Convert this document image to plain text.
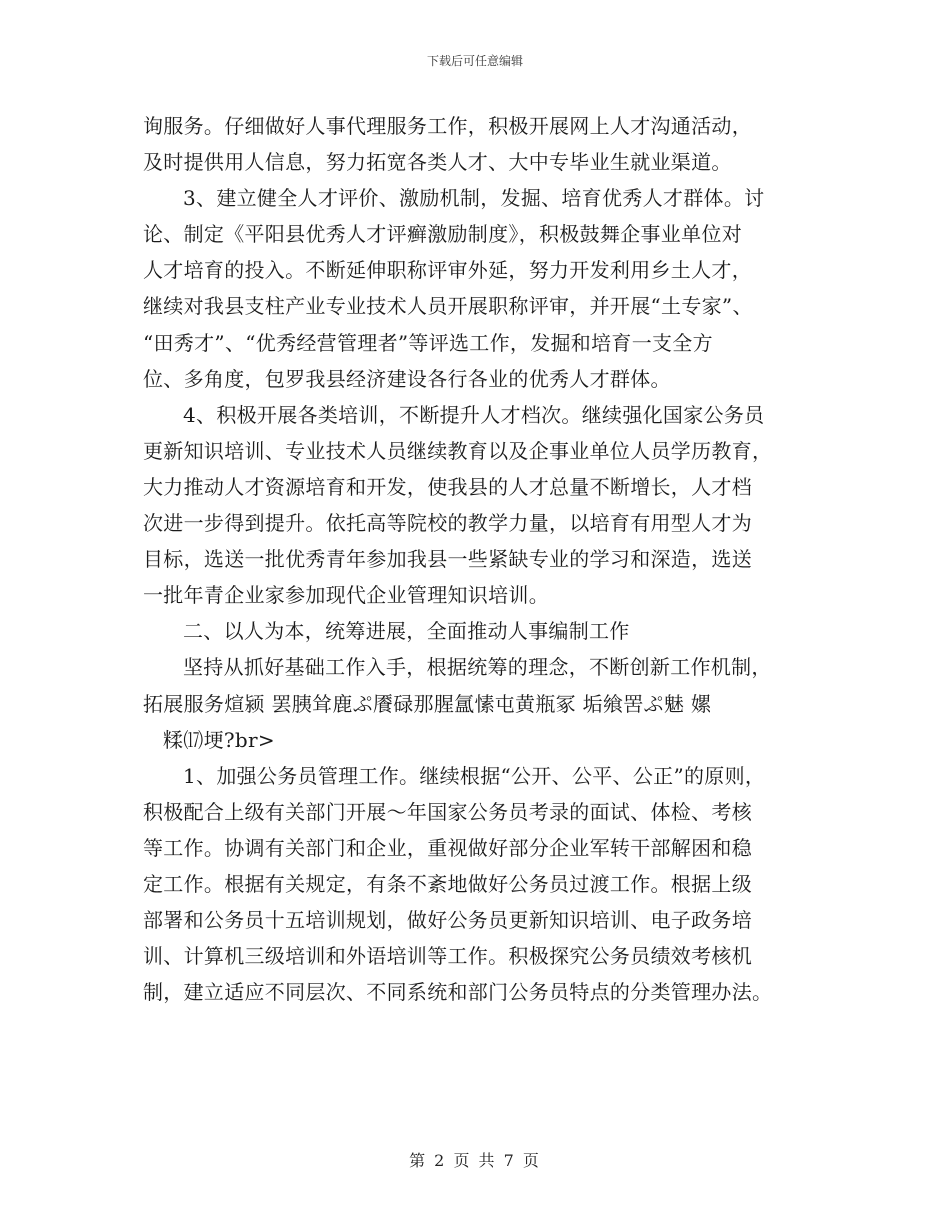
下载后可任意编辑
询服务。仔细做好人事代理服务工作，积极开展网上人才沟通活动，
及时提供用人信息，努力拓宽各类人才、大中专毕业生就业渠道。
3、建立健全人才评价、激励机制，发掘、培育优秀人才群体。讨
论、制定《平阳县优秀人才评癣激励制度》，积极鼓舞企事业单位对
人才培育的投入。不断延伸职称评审外延，努力开发利用乡土人才，
继续对我县支柱产业专业技术人员开展职称评审，并开展“土专家”、
“田秀才”、“优秀经营管理者”等评选工作，发掘和培育一支全方
位、多角度，包罗我县经济建设各行各业的优秀人才群体。
4、积极开展各类培训，不断提升人才档次。继续强化国家公务员
更新知识培训、专业技术人员继续教育以及企事业单位人员学历教育，
大力推动人才资源培育和开发，使我县的人才总量不断增长，人才档
次进一步得到提升。依托高等院校的教学力量，以培育有用型人才为
目标，选送一批优秀青年参加我县一些紧缺专业的学习和深造，选送
一批年青企业家参加现代企业管理知识培训。
二、以人为本，统筹进展，全面推动人事编制工作
坚持从抓好基础工作入手，根据统筹的理念，不断创新工作机制，
拓展服务煊颍 罢胰耸鹿ぷ餍碌那腥氲愫屯黄瓶冢 垢飨罟ぷ魅 嫘
糅⒄埂?br>
1、加强公务员管理工作。继续根据“公开、公平、公正”的原则，
积极配合上级有关部门开展～年国家公务员考录的面试、体检、考核
等工作。协调有关部门和企业，重视做好部分企业军转干部解困和稳
定工作。根据有关规定，有条不紊地做好公务员过渡工作。根据上级
部署和公务员十五培训规划，做好公务员更新知识培训、电子政务培
训、计算机三级培训和外语培训等工作。积极探究公务员绩效考核机
制，建立适应不同层次、不同系统和部门公务员特点的分类管理办法。
第 2 页 共 7 页
